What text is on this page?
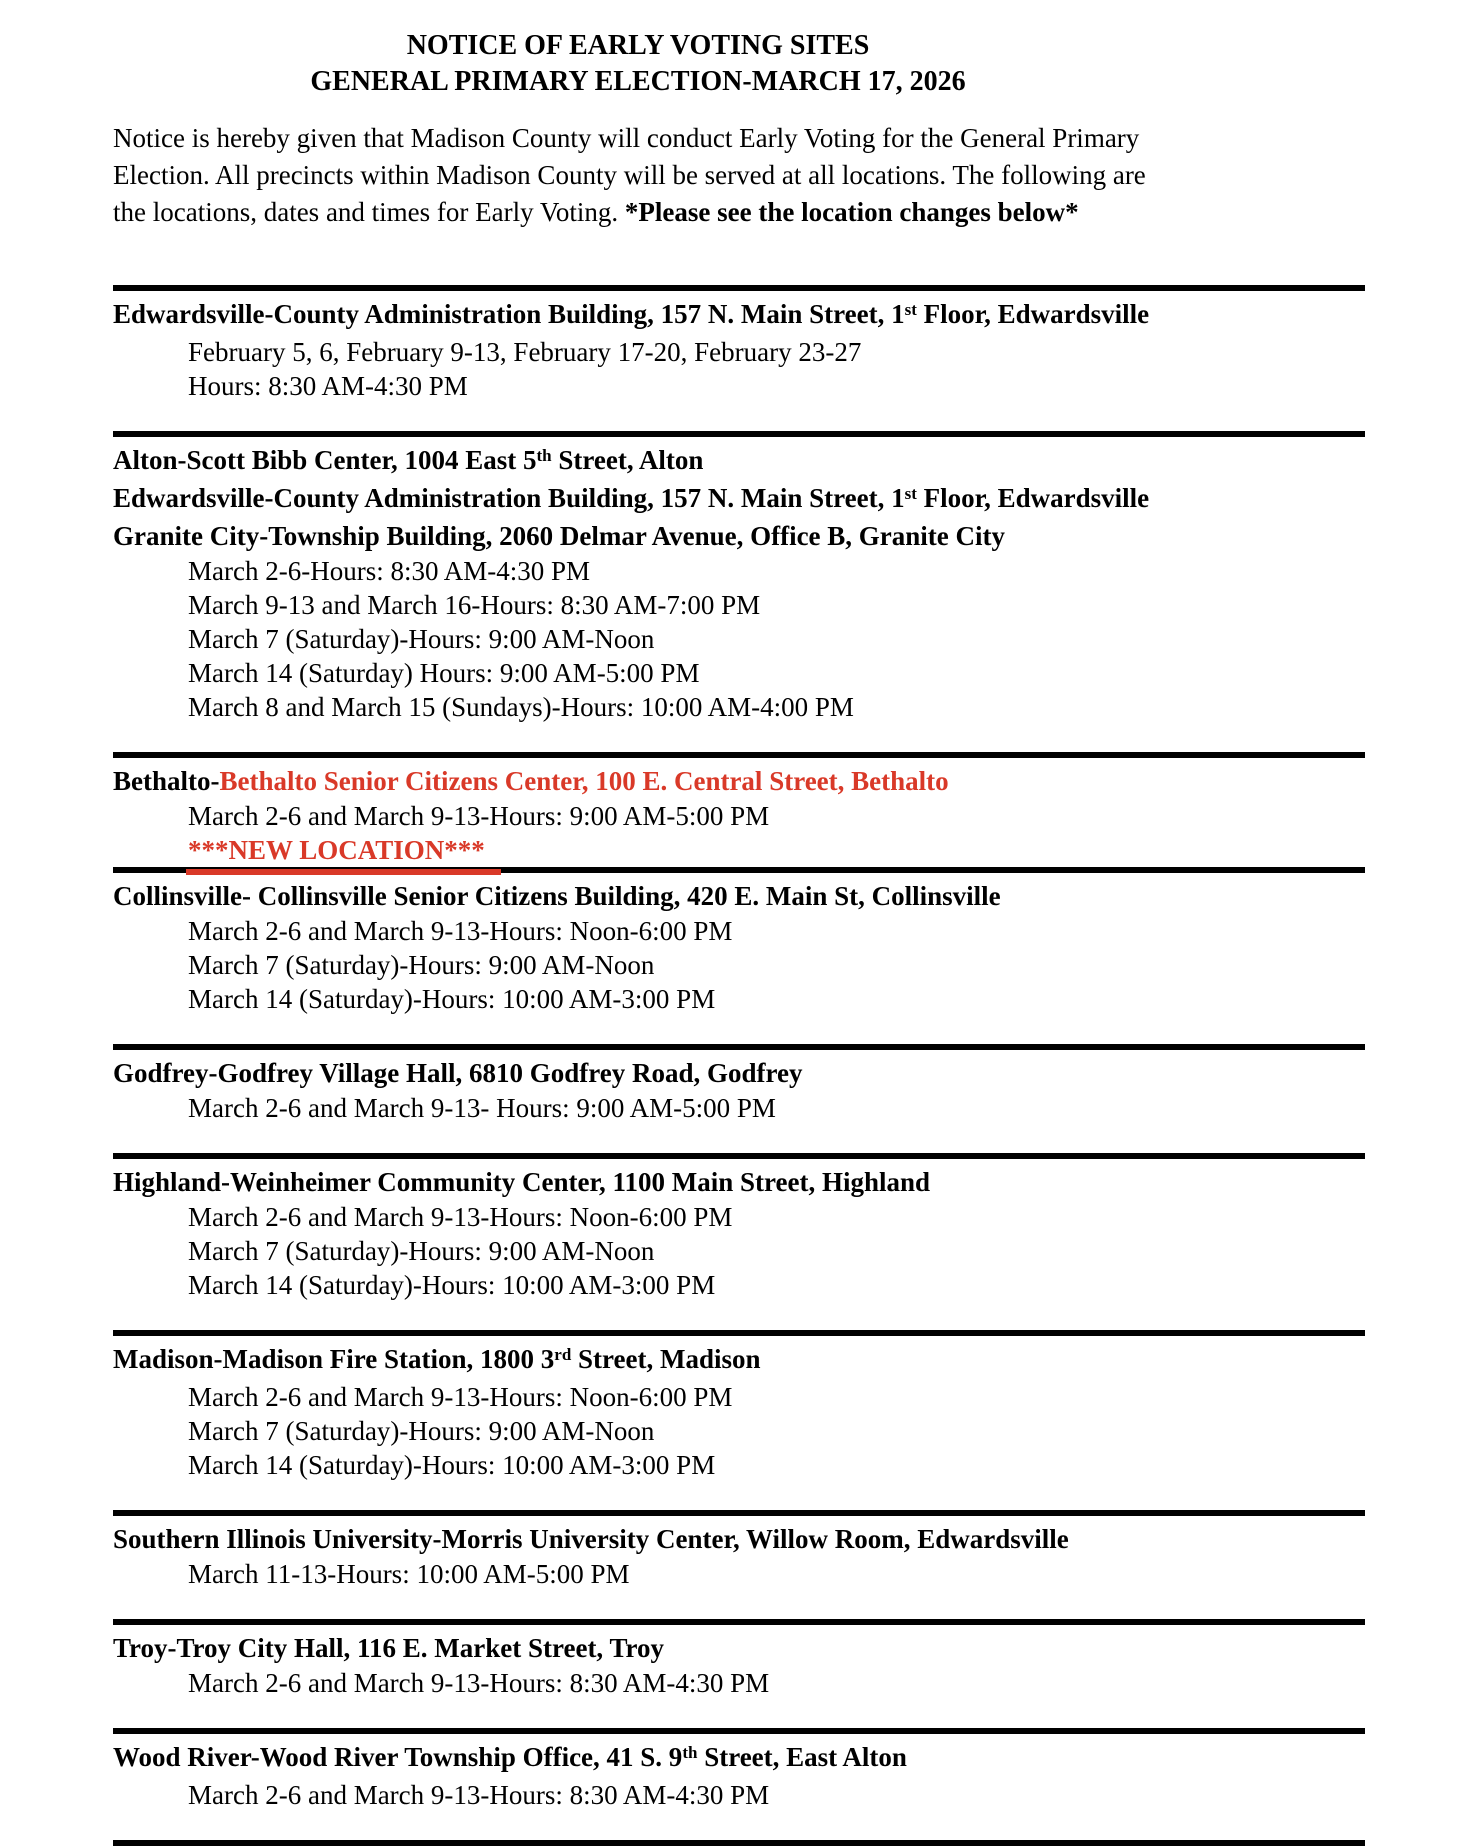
NOTICE OF EARLY VOTING SITES
GENERAL PRIMARY ELECTION-MARCH 17, 2026
Notice is hereby given that Madison County will conduct Early Voting for the General Primary
Election. All precincts within Madison County will be served at all locations. The following are
the locations, dates and times for Early Voting. *Please see the location changes below*
Edwardsville-County Administration Building, 157 N. Main Street, 1st Floor, Edwardsville
February 5, 6, February 9-13, February 17-20, February 23-27
Hours: 8:30 AM-4:30 PM
Alton-Scott Bibb Center, 1004 East 5th Street, Alton
Edwardsville-County Administration Building, 157 N. Main Street, 1st Floor, Edwardsville
Granite City-Township Building, 2060 Delmar Avenue, Office B, Granite City
March 2-6-Hours: 8:30 AM-4:30 PM
March 9-13 and March 16-Hours: 8:30 AM-7:00 PM
March 7 (Saturday)-Hours: 9:00 AM-Noon
March 14 (Saturday) Hours: 9:00 AM-5:00 PM
March 8 and March 15 (Sundays)-Hours: 10:00 AM-4:00 PM
Bethalto-Bethalto Senior Citizens Center, 100 E. Central Street, Bethalto
March 2-6 and March 9-13-Hours: 9:00 AM-5:00 PM
***NEW LOCATION***
Collinsville- Collinsville Senior Citizens Building, 420 E. Main St, Collinsville
March 2-6 and March 9-13-Hours: Noon-6:00 PM
March 7 (Saturday)-Hours: 9:00 AM-Noon
March 14 (Saturday)-Hours: 10:00 AM-3:00 PM
Godfrey-Godfrey Village Hall, 6810 Godfrey Road, Godfrey
March 2-6 and March 9-13- Hours: 9:00 AM-5:00 PM
Highland-Weinheimer Community Center, 1100 Main Street, Highland
March 2-6 and March 9-13-Hours: Noon-6:00 PM
March 7 (Saturday)-Hours: 9:00 AM-Noon
March 14 (Saturday)-Hours: 10:00 AM-3:00 PM
Madison-Madison Fire Station, 1800 3rd Street, Madison
March 2-6 and March 9-13-Hours: Noon-6:00 PM
March 7 (Saturday)-Hours: 9:00 AM-Noon
March 14 (Saturday)-Hours: 10:00 AM-3:00 PM
Southern Illinois University-Morris University Center, Willow Room, Edwardsville
March 11-13-Hours: 10:00 AM-5:00 PM
Troy-Troy City Hall, 116 E. Market Street, Troy
March 2-6 and March 9-13-Hours: 8:30 AM-4:30 PM
Wood River-Wood River Township Office, 41 S. 9th Street, East Alton
March 2-6 and March 9-13-Hours: 8:30 AM-4:30 PM
